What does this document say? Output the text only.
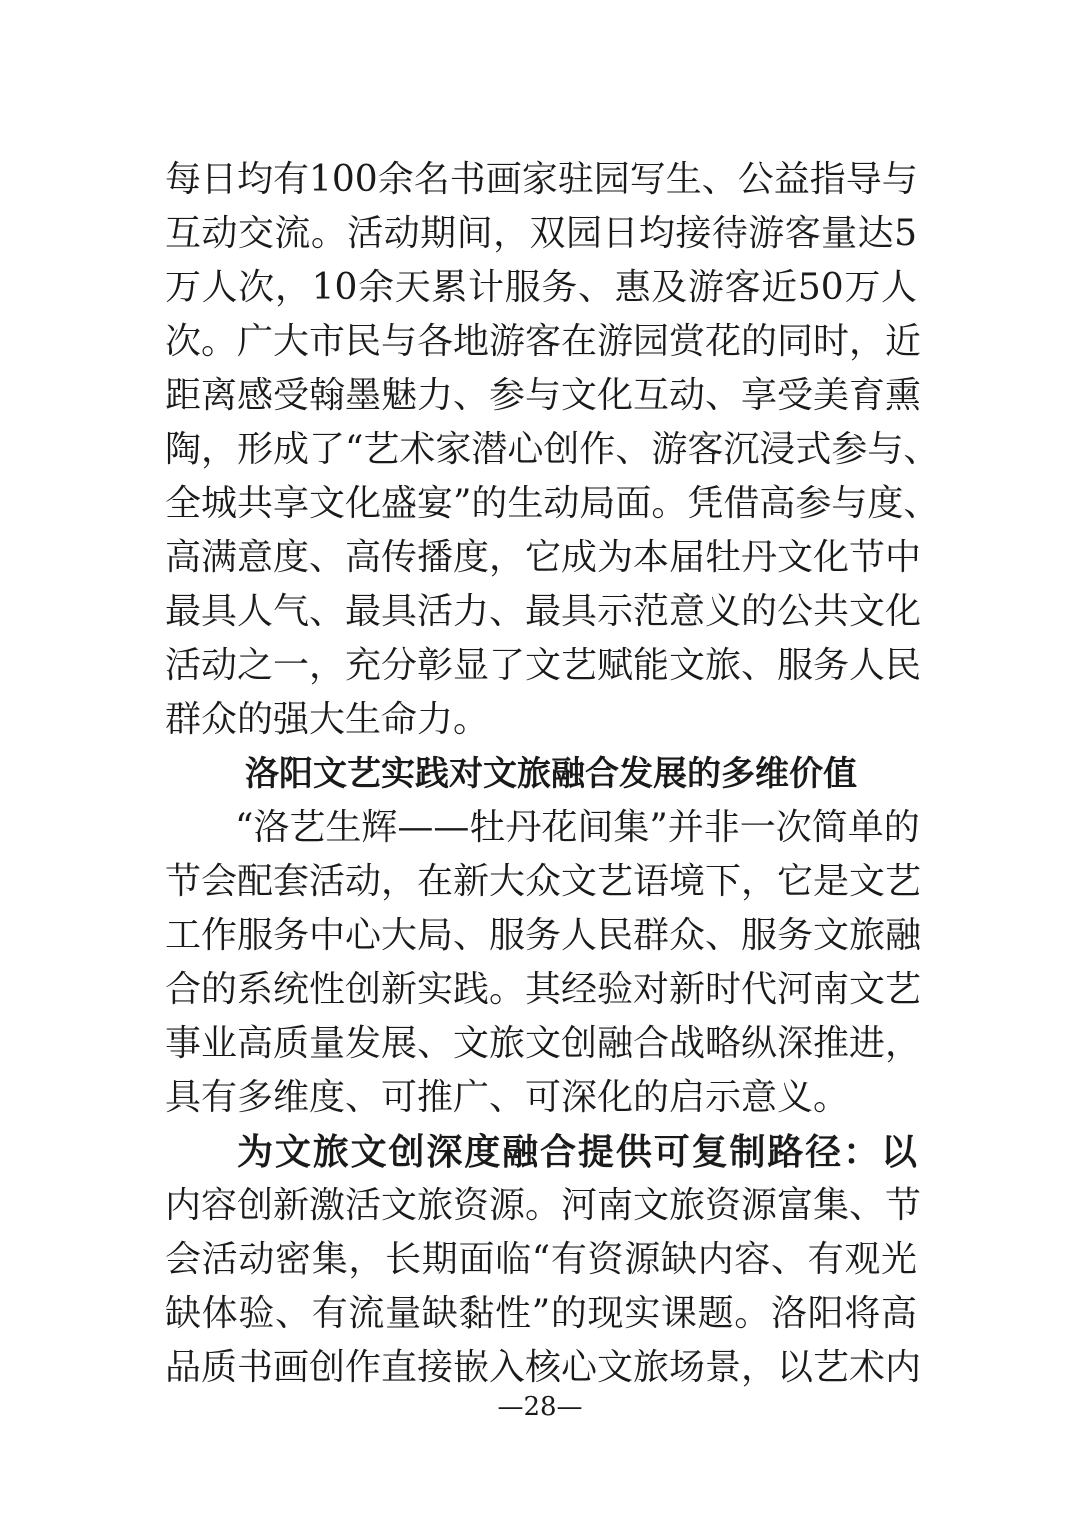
每日均有100余名书画家驻园写生、公益指导与
互动交流。活动期间，双园日均接待游客量达5
万人次，10余天累计服务、惠及游客近50万人
次。广大市民与各地游客在游园赏花的同时，近
距离感受翰墨魅力、参与文化互动、享受美育熏
陶，形成了“艺术家潜心创作、游客沉浸式参与、
全城共享文化盛宴”的生动局面。凭借高参与度、
高满意度、高传播度，它成为本届牡丹文化节中
最具人气、最具活力、最具示范意义的公共文化
活动之一，充分彰显了文艺赋能文旅、服务人民
群众的强大生命力。
洛阳文艺实践对文旅融合发展的多维价值
“洛艺生辉——牡丹花间集”并非一次简单的
节会配套活动，在新大众文艺语境下，它是文艺
工作服务中心大局、服务人民群众、服务文旅融
合的系统性创新实践。其经验对新时代河南文艺
事业高质量发展、文旅文创融合战略纵深推进，
具有多维度、可推广、可深化的启示意义。
为文旅文创深度融合提供可复制路径：以
内容创新激活文旅资源。河南文旅资源富集、节
会活动密集，长期面临“有资源缺内容、有观光
缺体验、有流量缺黏性”的现实课题。洛阳将高
品质书画创作直接嵌入核心文旅场景，以艺术内
—28—
